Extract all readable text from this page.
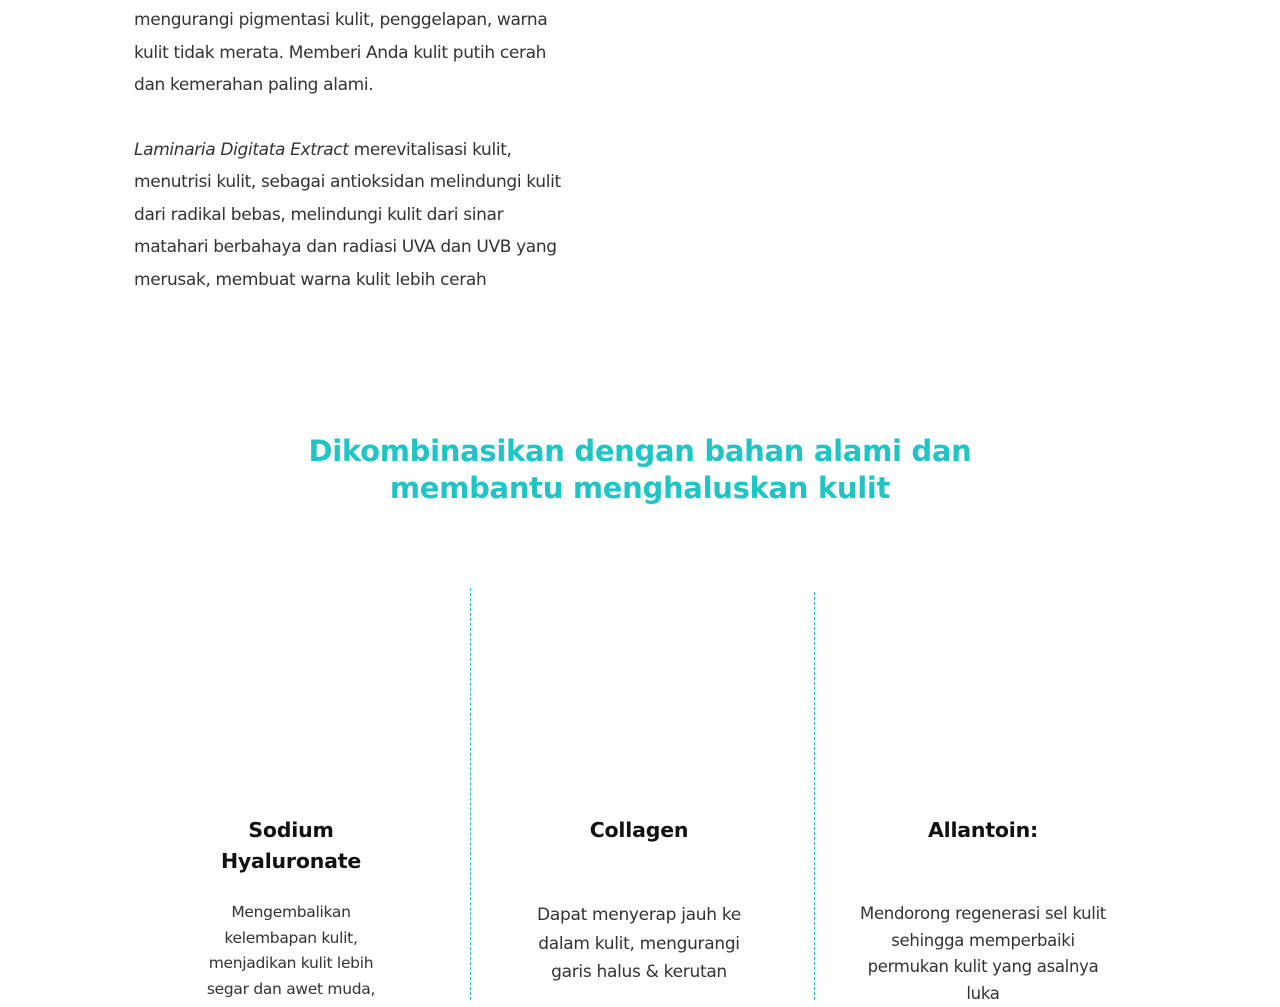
mengurangi pigmentasi kulit, penggelapan, warna kulit tidak merata. Memberi Anda kulit putih cerah dan kemerahan paling alami.

Laminaria Digitata Extract merevitalisasi kulit, menutrisi kulit, sebagai antioksidan melindungi kulit dari radikal bebas, melindungi kulit dari sinar matahari berbahaya dan radiasi UVA dan UVB yang merusak, membuat warna kulit lebih cerah

Dikombinasikan dengan bahan alami dan
membantu menghaluskan kulit
Sodium Hyaluronate
Mengembalikan kelembapan kulit, menjadikan kulit lebih segar dan awet muda,
Collagen
Dapat menyerap jauh ke dalam kulit, mengurangi garis halus & kerutan
Allantoin:
Mendorong regenerasi sel kulit sehingga memperbaiki permukan kulit yang asalnya luka
